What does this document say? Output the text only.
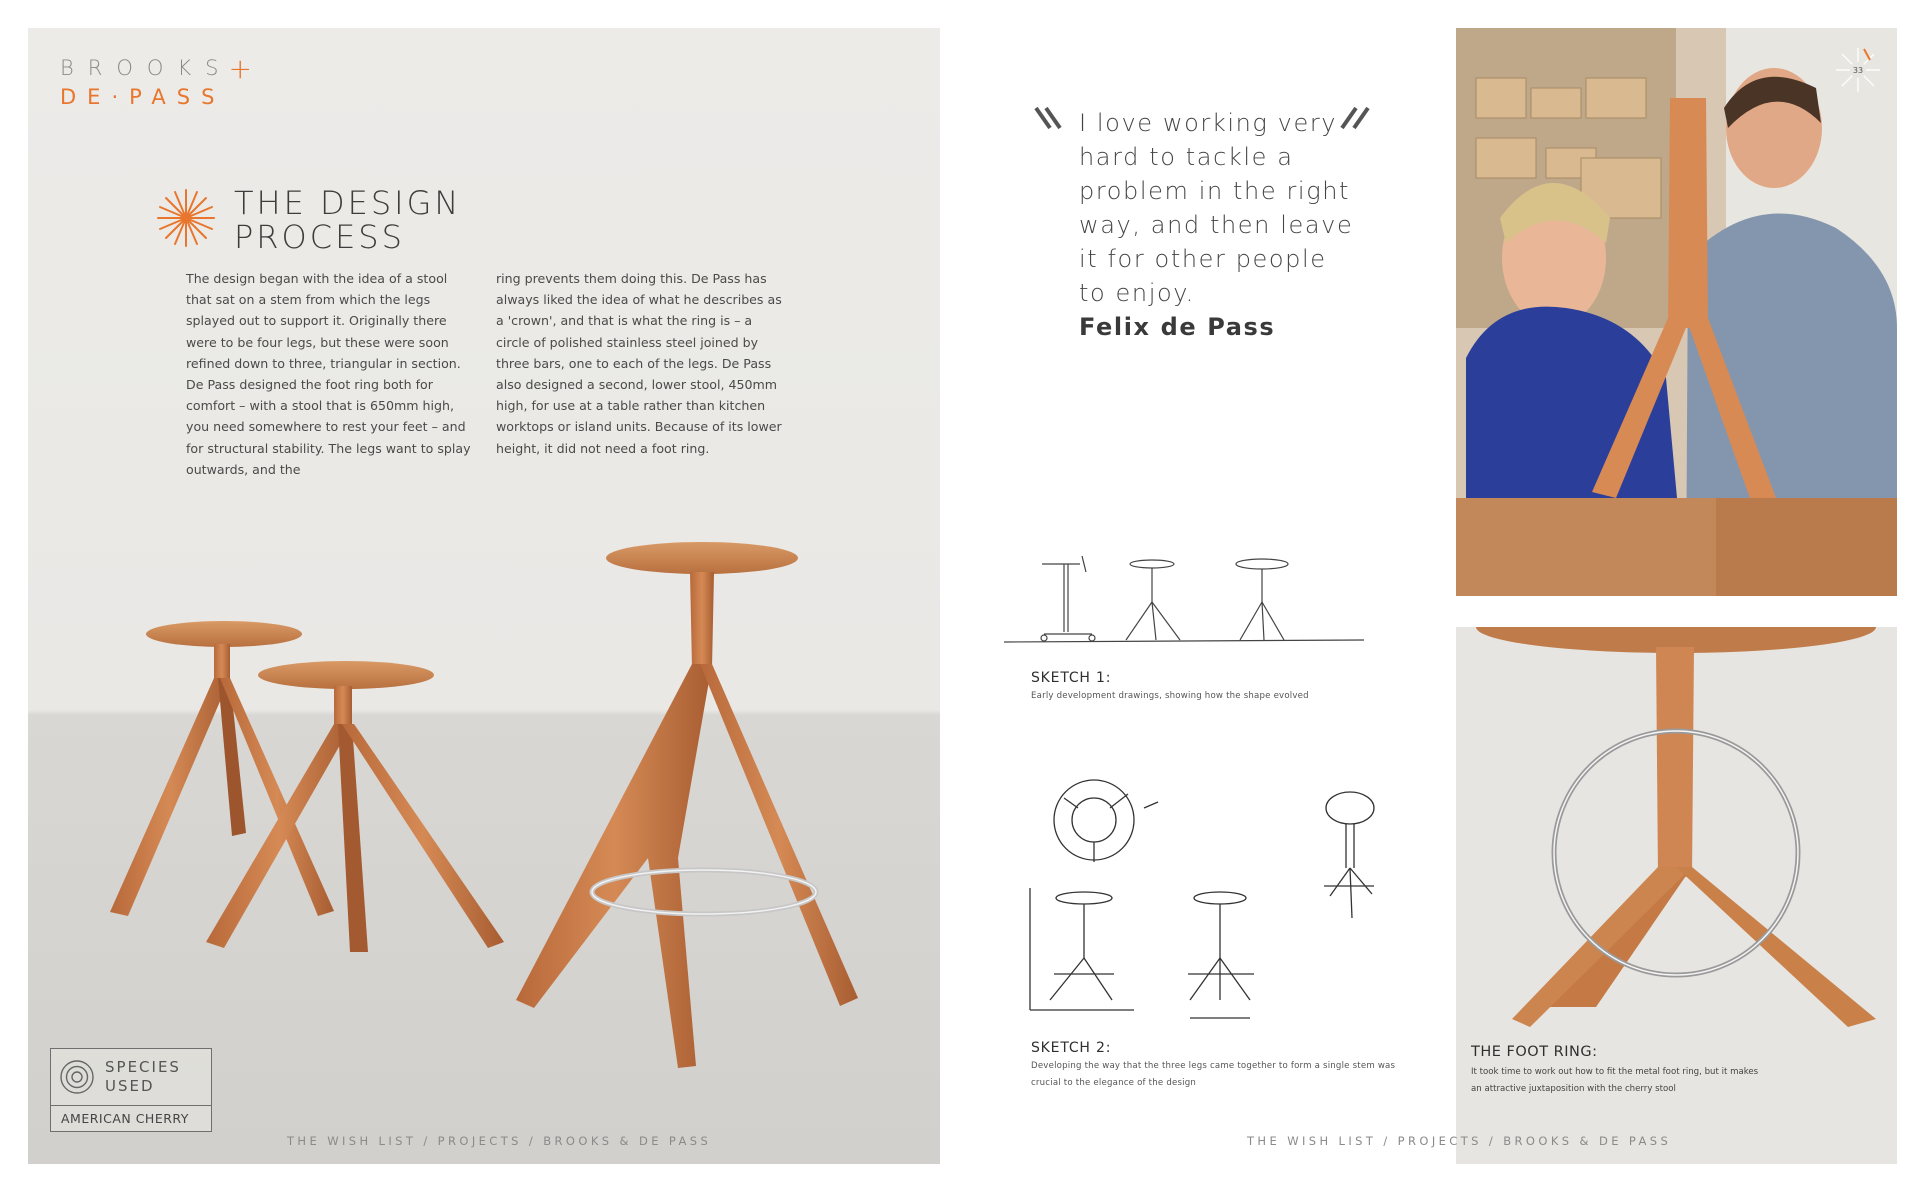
BROOKS
+
DE·PASS
THE DESIGN PROCESS

The design began with the idea of a stool that sat on a stem from which the legs splayed out to support it. Originally there were to be four legs, but these were soon refined down to three, triangular in section. De Pass designed the foot ring both for comfort – with a stool that is 650mm high, you need somewhere to rest your feet – and for structural stability. The legs want to splay outwards, and the

ring prevents them doing this. De Pass has always liked the idea of what he describes as a 'crown', and that is what the ring is – a circle of polished stainless steel joined by three bars, one to each of the legs. De Pass also designed a second, lower stool, 450mm high, for use at a table rather than kitchen worktops or island units. Because of its lower height, it did not need a foot ring.

SPECIES
USED
AMERICAN CHERRY
THE WISH LIST / PROJECTS / BROOKS & DE PASS

I love working very hard to tackle a problem in the right way, and then leave it for other people to enjoy.

Felix de Pass

33
SKETCH 1:
Early development drawings, showing how the shape evolved
SKETCH 2:
Developing the way that the three legs came together to form a single stem was crucial to the elegance of the design
THE FOOT RING:
It took time to work out how to fit the metal foot ring, but it makes an attractive juxtaposition with the cherry stool
THE WISH LIST / PROJECTS / BROOKS & DE PASS
